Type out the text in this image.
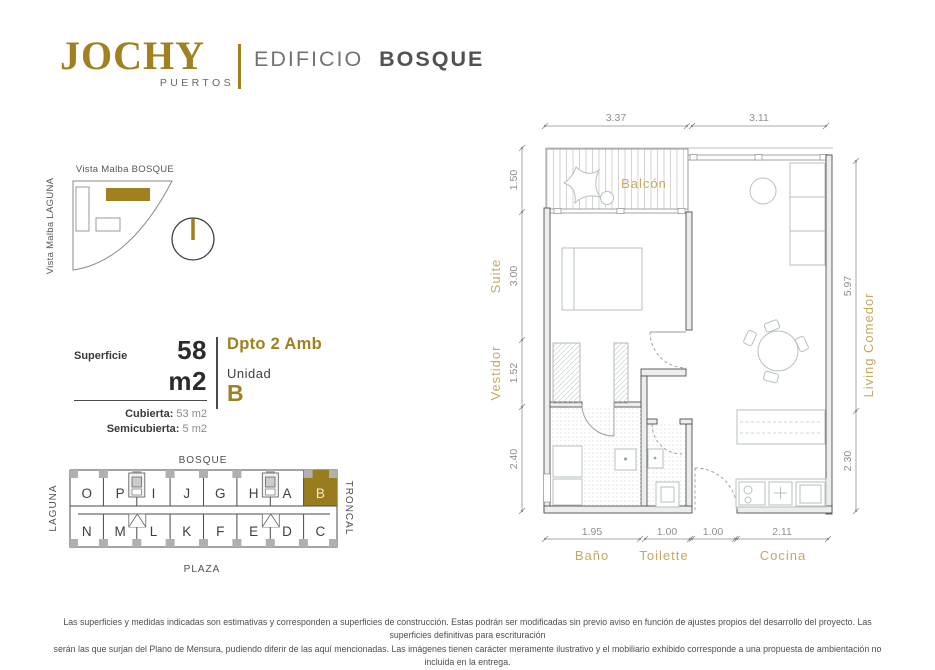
JOCHY
PUERTOS
EDIFICIO BOSQUE
Superficie	58 m2
Cubierta: 53 m2
Semicubierta: 5 m2
Dpto 2 Amb
Unidad
B
Vista Malba BOSQUE
Vista Malba LAGUNA
BOSQUE
PLAZA
LAGUNA	TRONCAL
O P I J G H A B
N M L K F E D C
3.37	3.11
1.50
3.00
1.52
2.40
5.97
2.30
1.95	1.00 1.00	2.11
Balcón
Suite
Vestidor	Living Comedor
Baño Toilette	Cocina

Las superficies y medidas indicadas son estimativas y corresponden a superficies de construcción. Estas podrán ser modificadas sin previo aviso en función de ajustes propios del desarrollo del proyecto. Las superficies definitivas para escrituración

serán las que surjan del Plano de Mensura, pudiendo diferir de las aquí mencionadas. Las imágenes tienen carácter meramente ilustrativo y el mobiliario exhibido corresponde a una propuesta de ambientación no incluida en la entrega.
